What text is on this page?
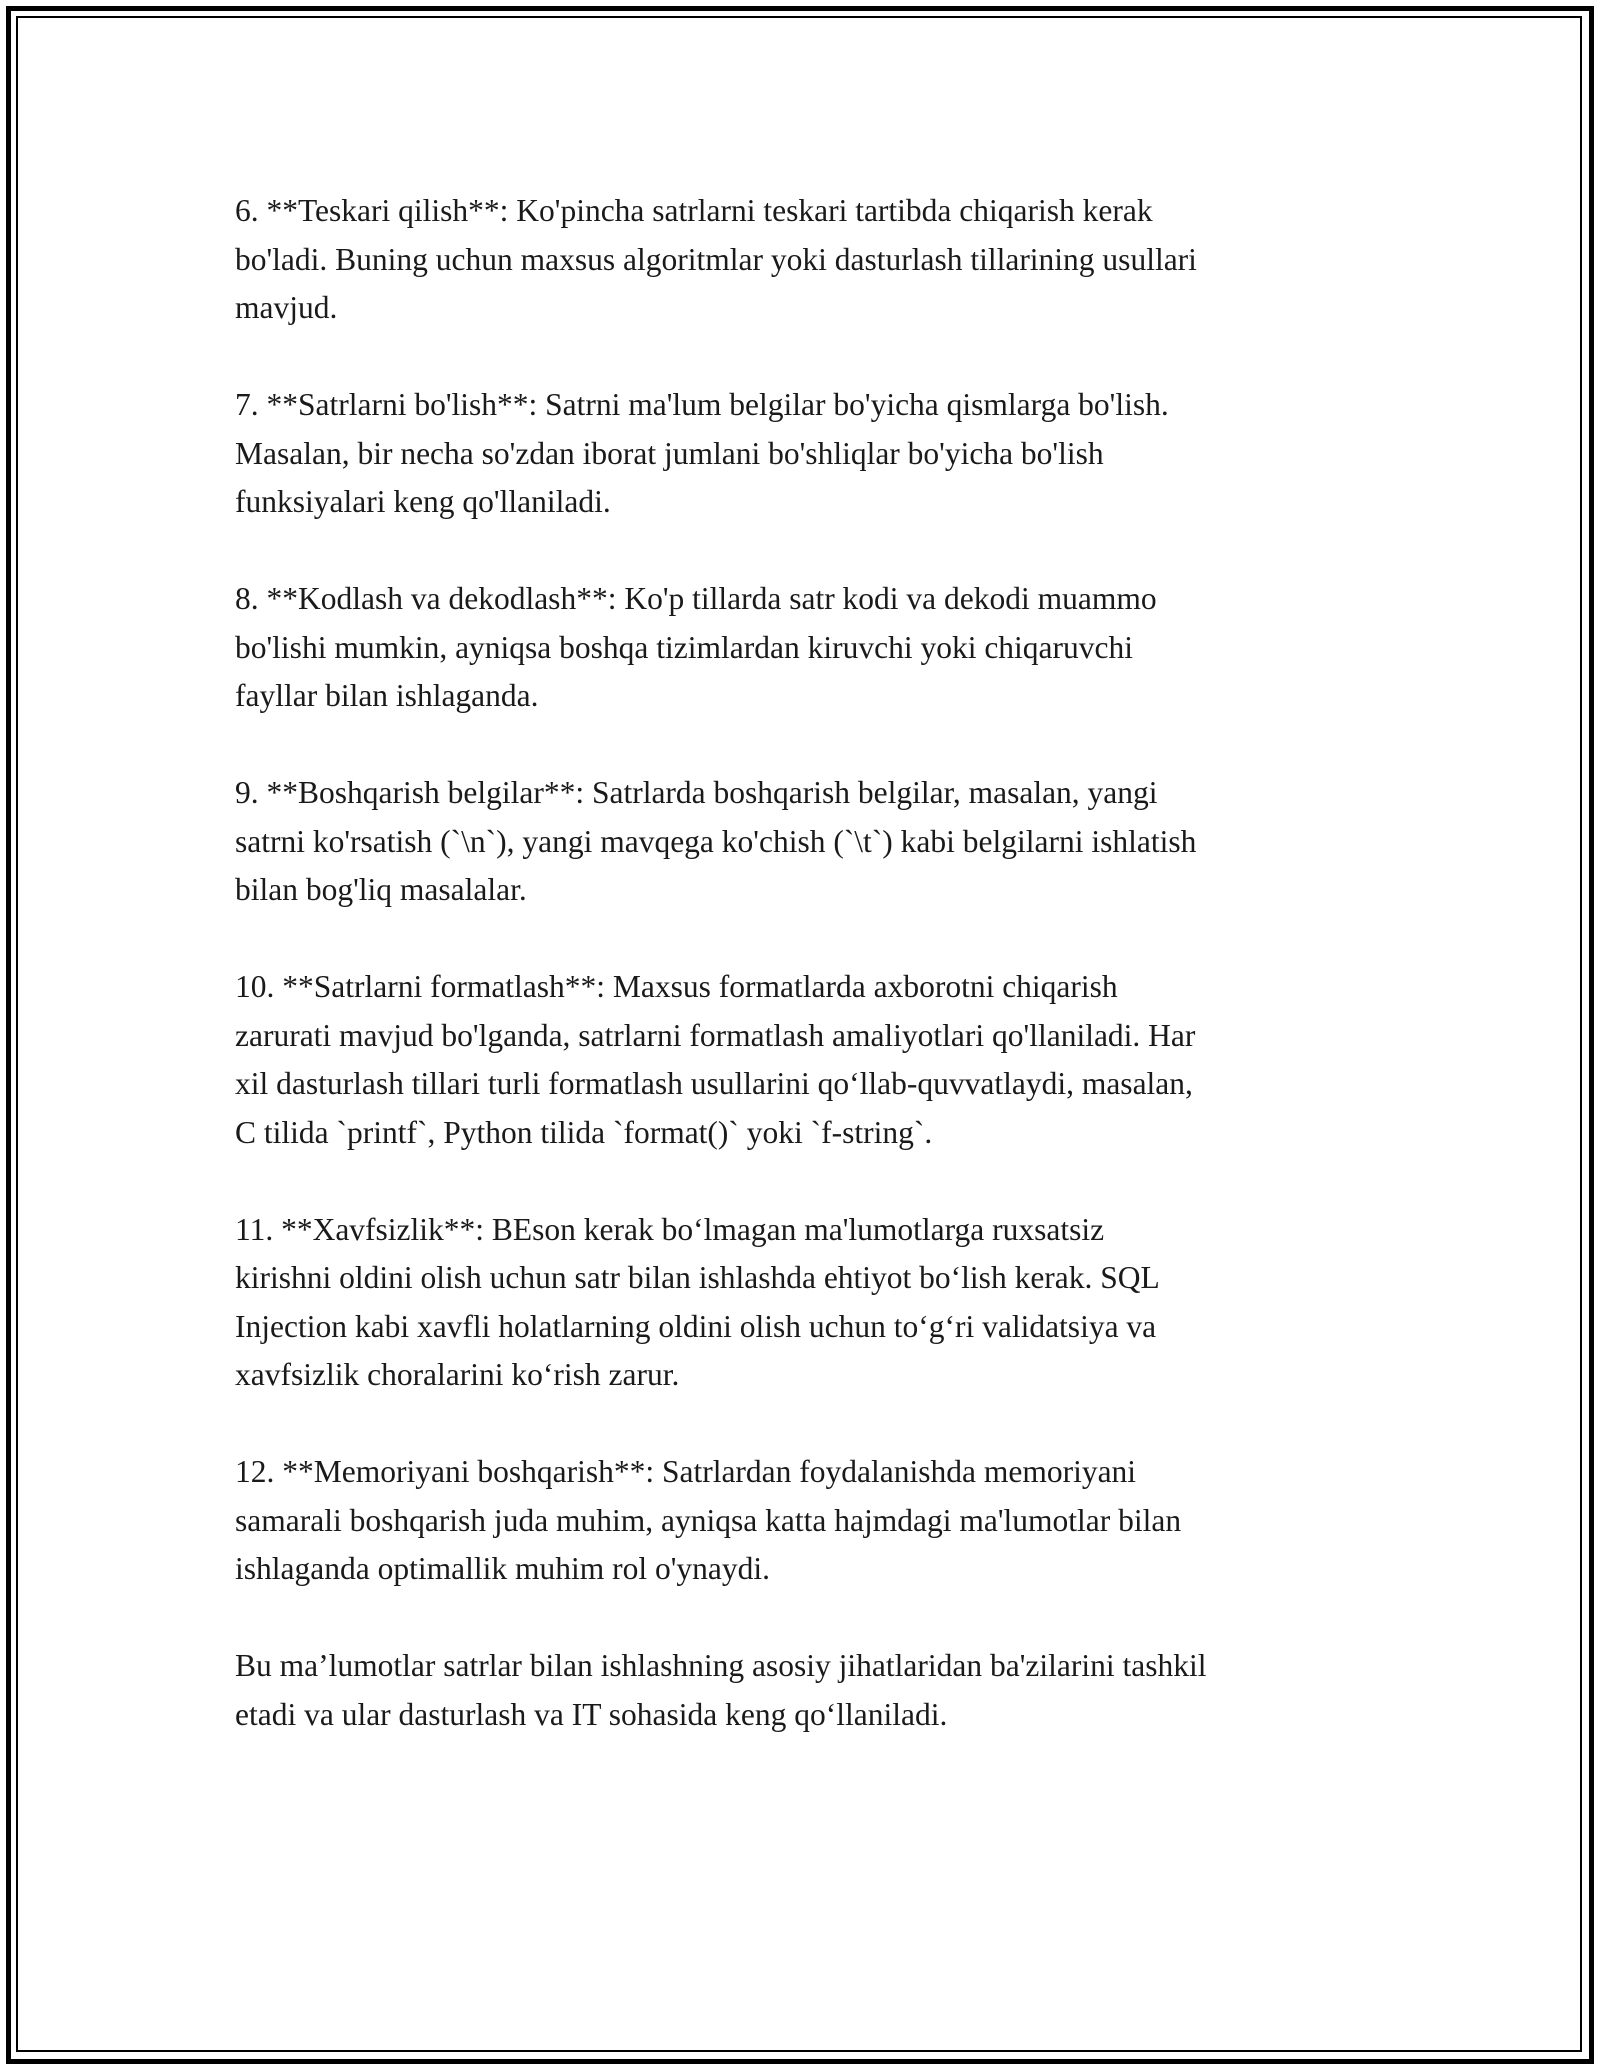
6. **Teskari qilish**: Ko'pincha satrlarni teskari tartibda chiqarish kerak
bo'ladi. Buning uchun maxsus algoritmlar yoki dasturlash tillarining usullari
mavjud.

7. **Satrlarni bo'lish**: Satrni ma'lum belgilar bo'yicha qismlarga bo'lish.
Masalan, bir necha so'zdan iborat jumlani bo'shliqlar bo'yicha bo'lish
funksiyalari keng qo'llaniladi.

8. **Kodlash va dekodlash**: Ko'p tillarda satr kodi va dekodi muammo
bo'lishi mumkin, ayniqsa boshqa tizimlardan kiruvchi yoki chiqaruvchi
fayllar bilan ishlaganda.

9. **Boshqarish belgilar**: Satrlarda boshqarish belgilar, masalan, yangi
satrni ko'rsatish (`\n`), yangi mavqega ko'chish (`\t`) kabi belgilarni ishlatish
bilan bog'liq masalalar.

10. **Satrlarni formatlash**: Maxsus formatlarda axborotni chiqarish
zarurati mavjud bo'lganda, satrlarni formatlash amaliyotlari qo'llaniladi. Har
xil dasturlash tillari turli formatlash usullarini qo‘llab-quvvatlaydi, masalan,
C tilida `printf`, Python tilida `format()` yoki `f-string`.

11. **Xavfsizlik**: BEson kerak bo‘lmagan ma'lumotlarga ruxsatsiz
kirishni oldini olish uchun satr bilan ishlashda ehtiyot bo‘lish kerak. SQL
Injection kabi xavfli holatlarning oldini olish uchun to‘g‘ri validatsiya va
xavfsizlik choralarini ko‘rish zarur.

12. **Memoriyani boshqarish**: Satrlardan foydalanishda memoriyani
samarali boshqarish juda muhim, ayniqsa katta hajmdagi ma'lumotlar bilan
ishlaganda optimallik muhim rol o'ynaydi.

Bu ma’lumotlar satrlar bilan ishlashning asosiy jihatlaridan ba'zilarini tashkil
etadi va ular dasturlash va IT sohasida keng qo‘llaniladi.
